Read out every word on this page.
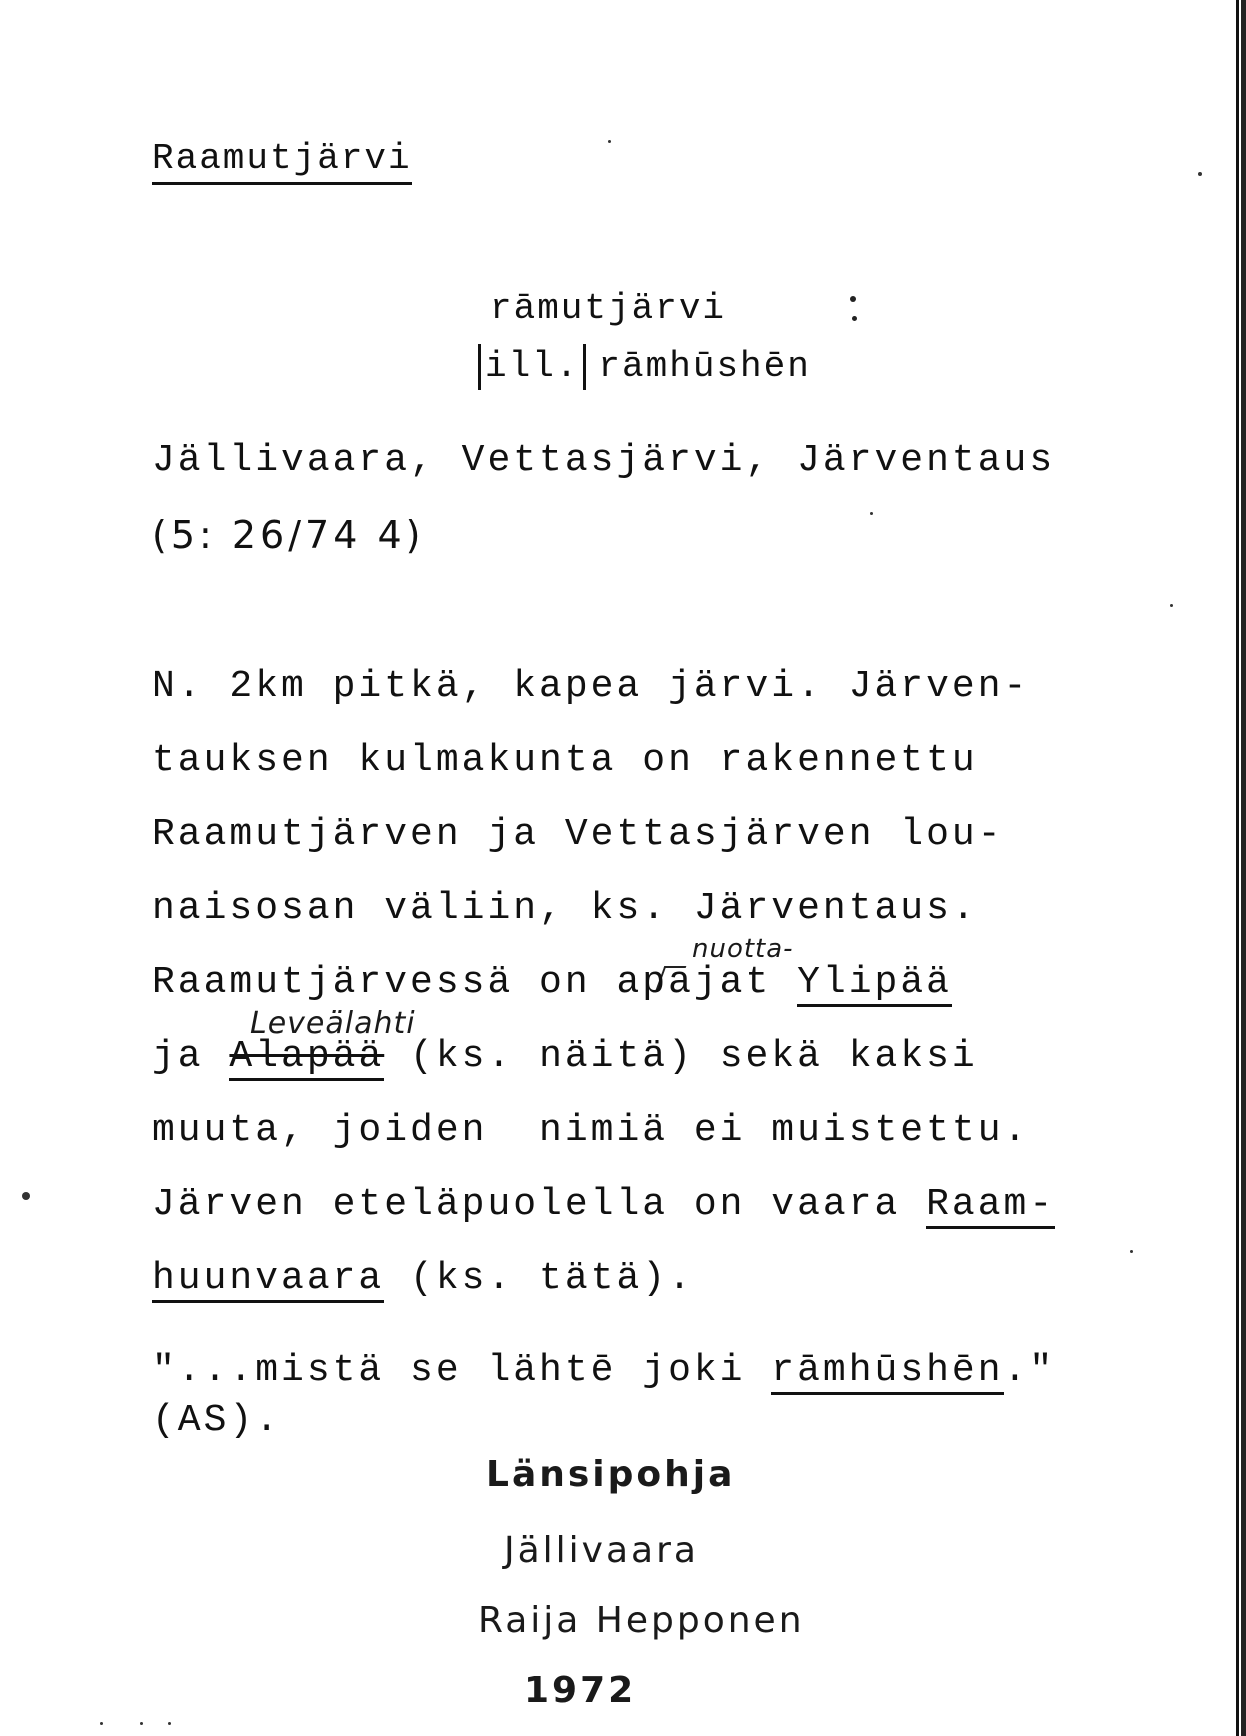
Raamutjärvi
rāmutjärvi
ill. rāmhūshēn
Jällivaara, Vettasjärvi, Järventaus
(5: 26/74 4)
N. 2km pitkä, kapea järvi. Järven-
tauksen kulmakunta on rakennettu
Raamutjärven ja Vettasjärven lou-
naisosan väliin, ks. Järventaus.
nuotta-
Raamutjärvessä on apajat Ylipää
Leveälahti
ja Alapää (ks. näitä) sekä kaksi
muuta, joiden  nimiä ei muistettu.
Järven eteläpuolella on vaara Raam-
huunvaara (ks. tätä).
"...mistä se lähtē joki rāmhūshēn."
(AS).
Länsipohja
Jällivaara
Raija Hepponen
1972
